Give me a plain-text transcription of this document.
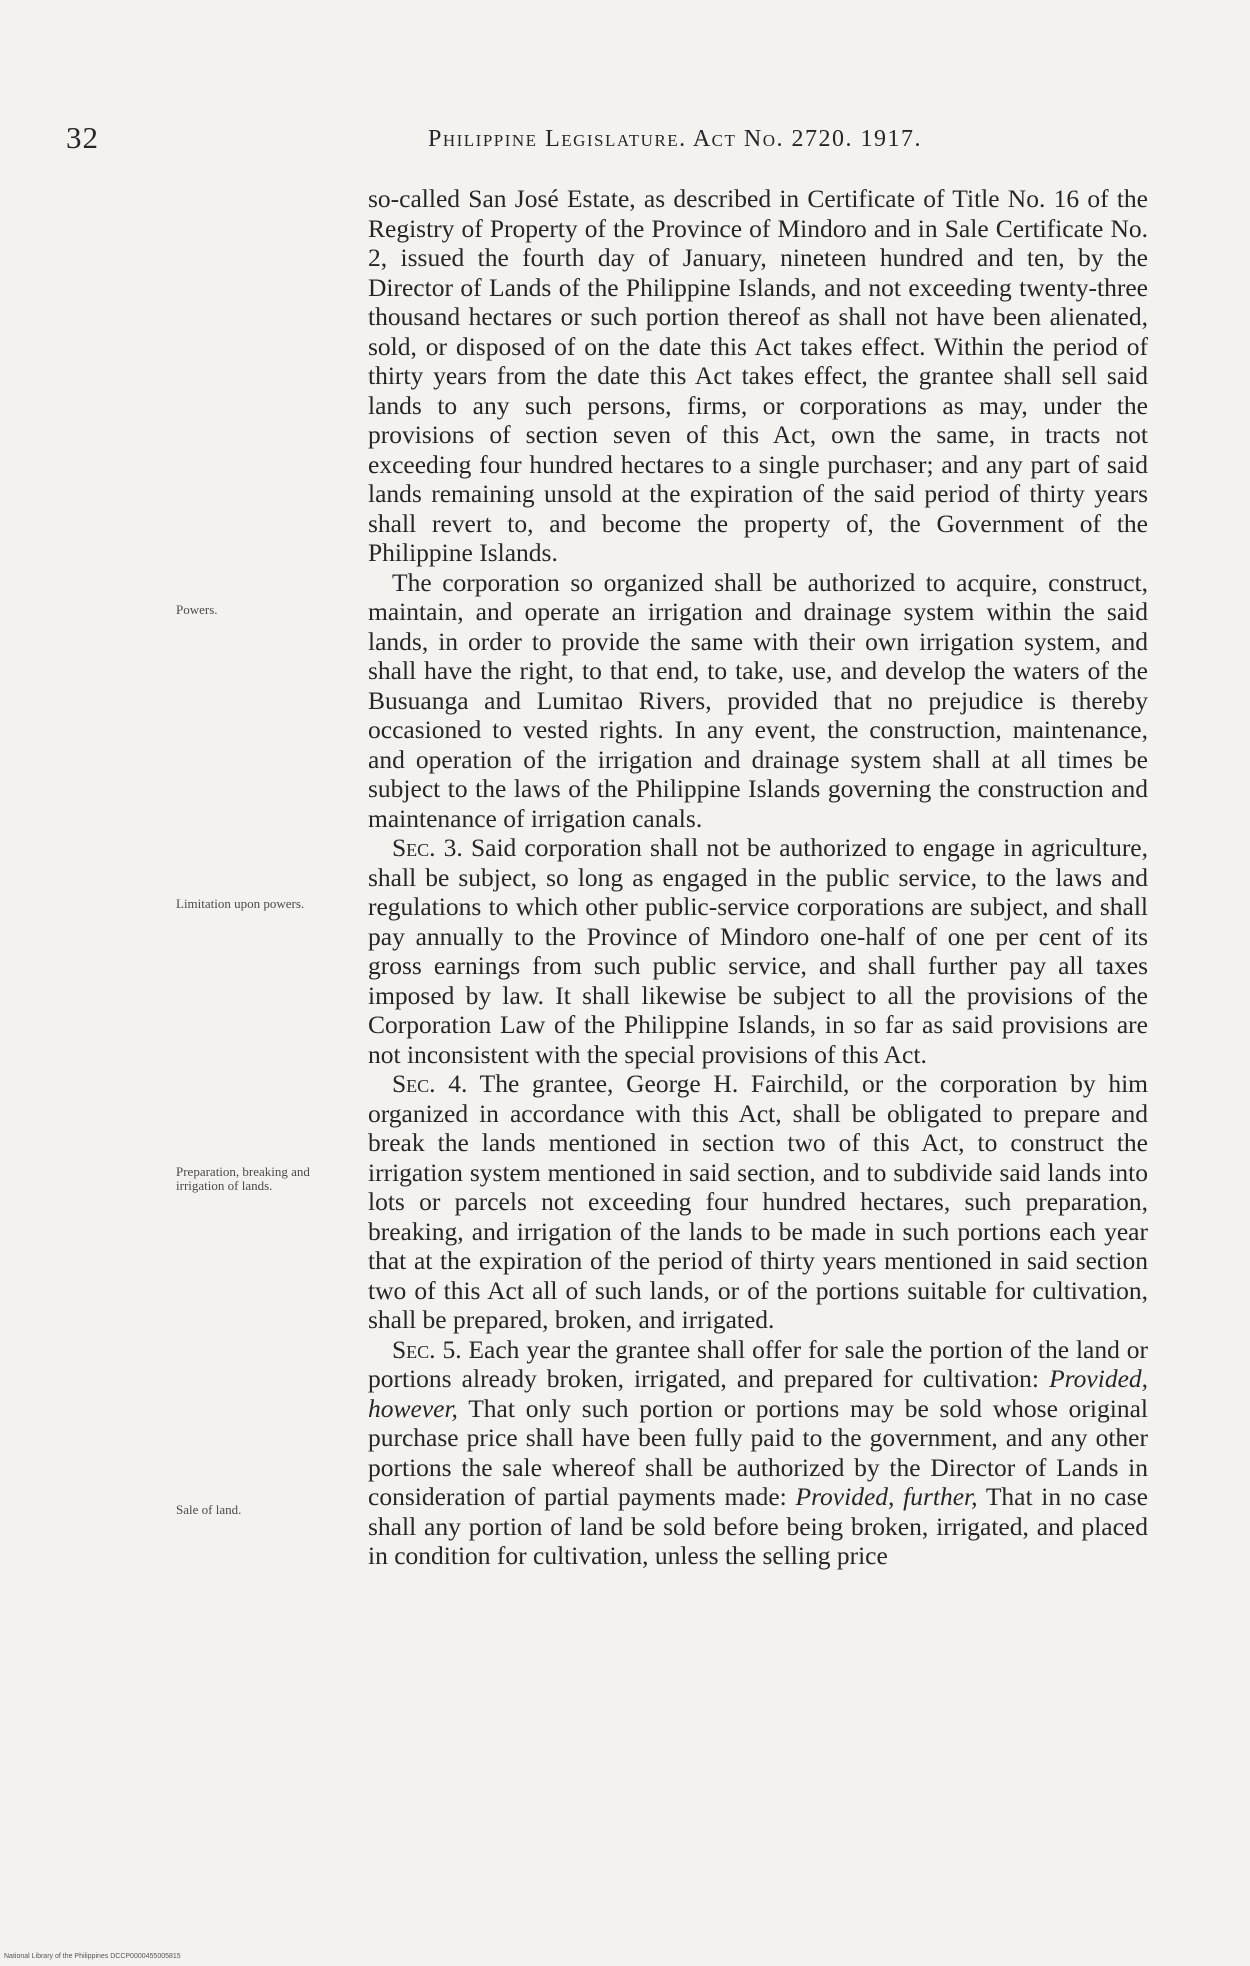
32	Philippine Legislature. Act No. 2720. 1917.
Powers.
Limitation upon powers.
Preparation, breaking and irrigation of lands.
Sale of land.

so-called San José Estate, as described in Certificate of Title No. 16 of the Registry of Property of the Province of Mindoro and in Sale Certificate No. 2, issued the fourth day of January, nineteen hundred and ten, by the Director of Lands of the Philippine Islands, and not exceeding twenty-three thousand hectares or such portion thereof as shall not have been alienated, sold, or disposed of on the date this Act takes effect. Within the period of thirty years from the date this Act takes effect, the grantee shall sell said lands to any such persons, firms, or corporations as may, under the provisions of section seven of this Act, own the same, in tracts not exceeding four hundred hectares to a single purchaser; and any part of said lands remaining unsold at the expiration of the said period of thirty years shall revert to, and become the property of, the Government of the Philippine Islands.

The corporation so organized shall be authorized to acquire, construct, maintain, and operate an irrigation and drainage system within the said lands, in order to provide the same with their own irrigation system, and shall have the right, to that end, to take, use, and develop the waters of the Busuanga and Lumitao Rivers, provided that no prejudice is thereby occasioned to vested rights. In any event, the construction, maintenance, and operation of the irrigation and drainage system shall at all times be subject to the laws of the Philippine Islands governing the construction and maintenance of irrigation canals.

Sec. 3. Said corporation shall not be authorized to engage in agriculture, shall be subject, so long as engaged in the public service, to the laws and regulations to which other public-service corporations are subject, and shall pay annually to the Province of Mindoro one-half of one per cent of its gross earnings from such public service, and shall further pay all taxes imposed by law. It shall likewise be subject to all the provisions of the Corporation Law of the Philippine Islands, in so far as said provisions are not inconsistent with the special provisions of this Act.

Sec. 4. The grantee, George H. Fairchild, or the corporation by him organized in accordance with this Act, shall be obligated to prepare and break the lands mentioned in section two of this Act, to construct the irrigation system mentioned in said section, and to subdivide said lands into lots or parcels not exceeding four hundred hectares, such preparation, breaking, and irrigation of the lands to be made in such portions each year that at the expiration of the period of thirty years mentioned in said section two of this Act all of such lands, or of the portions suitable for cultivation, shall be prepared, broken, and irrigated.

Sec. 5. Each year the grantee shall offer for sale the portion of the land or portions already broken, irrigated, and prepared for cultivation: Provided, however, That only such portion or portions may be sold whose original purchase price shall have been fully paid to the government, and any other portions the sale whereof shall be authorized by the Director of Lands in consideration of partial payments made: Provided, further, That in no case shall any portion of land be sold before being broken, irrigated, and placed in condition for cultivation, unless the selling price

National Library of the Philippines DCCP0000455005815
